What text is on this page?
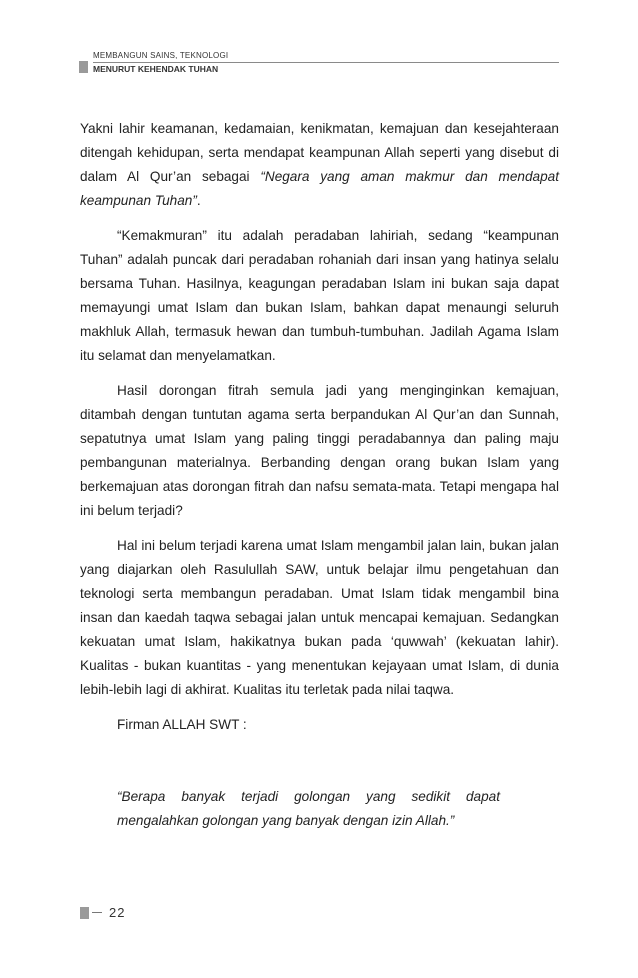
MEMBANGUN SAINS, TEKNOLOGI
MENURUT KEHENDAK TUHAN

Yakni lahir keamanan, kedamaian, kenikmatan, kemajuan dan kesejahteraan ditengah kehidupan, serta mendapat keampunan Allah seperti yang disebut di dalam Al Qur’an sebagai “Negara yang aman makmur dan mendapat keampunan Tuhan”.

“Kemakmuran” itu adalah peradaban lahiriah, sedang “keampunan Tuhan” adalah puncak dari peradaban rohaniah dari insan yang hatinya selalu bersama Tuhan. Hasilnya, keagungan peradaban Islam ini bukan saja dapat memayungi umat Islam dan bukan Islam, bahkan dapat menaungi seluruh makhluk Allah, termasuk hewan dan tumbuh-tumbuhan. Jadilah Agama Islam itu selamat dan menyelamatkan.

Hasil dorongan fitrah semula jadi yang menginginkan kemajuan, ditambah dengan tuntutan agama serta berpandukan Al Qur’an dan Sunnah, sepatutnya umat Islam yang paling tinggi peradabannya dan paling maju pembangunan materialnya. Berbanding dengan orang bukan Islam yang berkemajuan atas dorongan fitrah dan nafsu semata-mata. Tetapi mengapa hal ini belum terjadi?

Hal ini belum terjadi karena umat Islam mengambil jalan lain, bukan jalan yang diajarkan oleh Rasulullah SAW, untuk belajar ilmu pengetahuan dan teknologi serta membangun peradaban. Umat Islam tidak mengambil bina insan dan kaedah taqwa sebagai jalan untuk mencapai kemajuan. Sedangkan kekuatan umat Islam, hakikatnya bukan pada ‘quwwah’ (kekuatan lahir). Kualitas - bukan kuantitas - yang menentukan kejayaan umat Islam, di dunia lebih-lebih lagi di akhirat. Kualitas itu terletak pada nilai taqwa.

Firman ALLAH SWT :

“Berapa banyak terjadi golongan yang sedikit dapat mengalahkan golongan yang banyak dengan izin Allah.”
22
